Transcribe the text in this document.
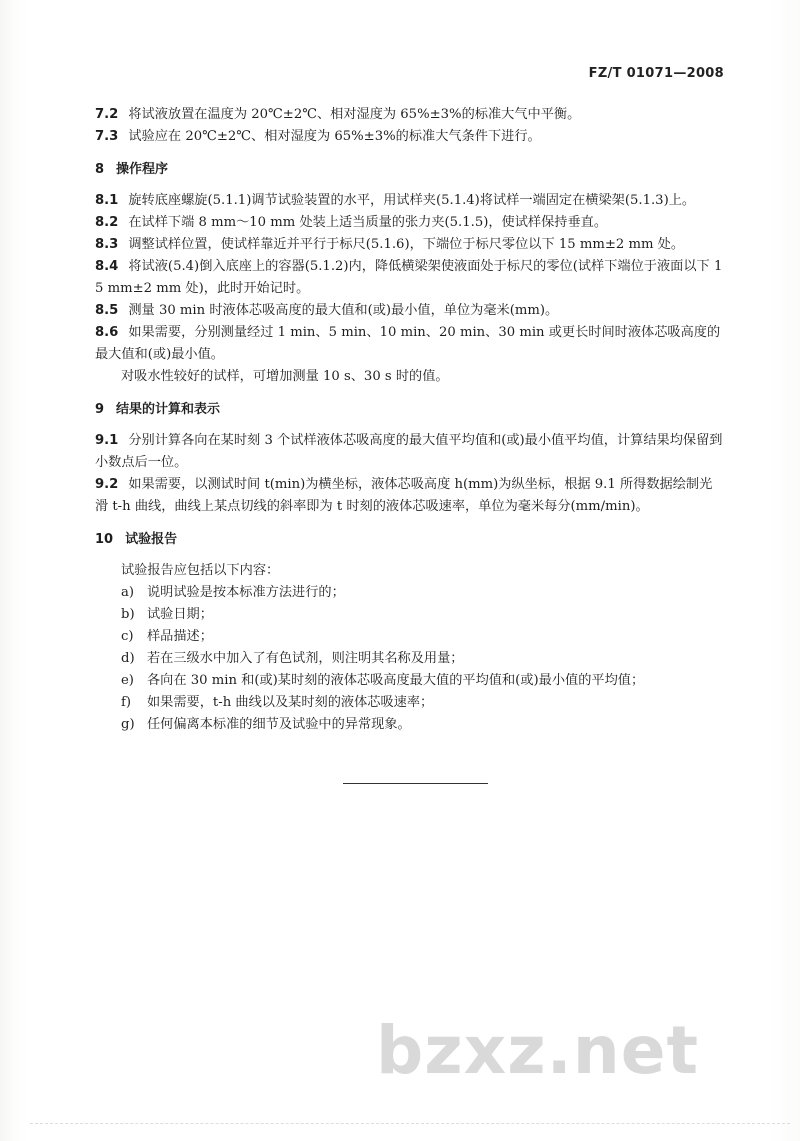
FZ/T 01071—2008

7.2 将试液放置在温度为 20℃±2℃、相对湿度为 65%±3%的标准大气中平衡。

7.3 试验应在 20℃±2℃、相对湿度为 65%±3%的标准大气条件下进行。

8 操作程序

8.1 旋转底座螺旋(5.1.1)调节试验装置的水平，用试样夹(5.1.4)将试样一端固定在横梁架(5.1.3)上。

8.2 在试样下端 8 mm～10 mm 处装上适当质量的张力夹(5.1.5)，使试样保持垂直。

8.3 调整试样位置，使试样靠近并平行于标尺(5.1.6)，下端位于标尺零位以下 15 mm±2 mm 处。

8.4 将试液(5.4)倒入底座上的容器(5.1.2)内，降低横梁架使液面处于标尺的零位(试样下端位于液面以下 15 mm±2 mm 处)，此时开始记时。

8.5 测量 30 min 时液体芯吸高度的最大值和(或)最小值，单位为毫米(mm)。

8.6 如果需要，分别测量经过 1 min、5 min、10 min、20 min、30 min 或更长时间时液体芯吸高度的最大值和(或)最小值。

对吸水性较好的试样，可增加测量 10 s、30 s 时的值。

9 结果的计算和表示

9.1 分别计算各向在某时刻 3 个试样液体芯吸高度的最大值平均值和(或)最小值平均值，计算结果均保留到小数点后一位。

9.2 如果需要，以测试时间 t(min)为横坐标，液体芯吸高度 h(mm)为纵坐标，根据 9.1 所得数据绘制光滑 t-h 曲线，曲线上某点切线的斜率即为 t 时刻的液体芯吸速率，单位为毫米每分(mm/min)。

10 试验报告

试验报告应包括以下内容：

a) 说明试验是按本标准方法进行的；
b) 试验日期；
c)	样品描述；
d) 若在三级水中加入了有色试剂，则注明其名称及用量；
e) 各向在 30 min 和(或)某时刻的液体芯吸高度最大值的平均值和(或)最小值的平均值；
f)	如果需要，t-h 曲线以及某时刻的液体芯吸速率；
g) 任何偏离本标准的细节及试验中的异常现象。
bzxz.net
